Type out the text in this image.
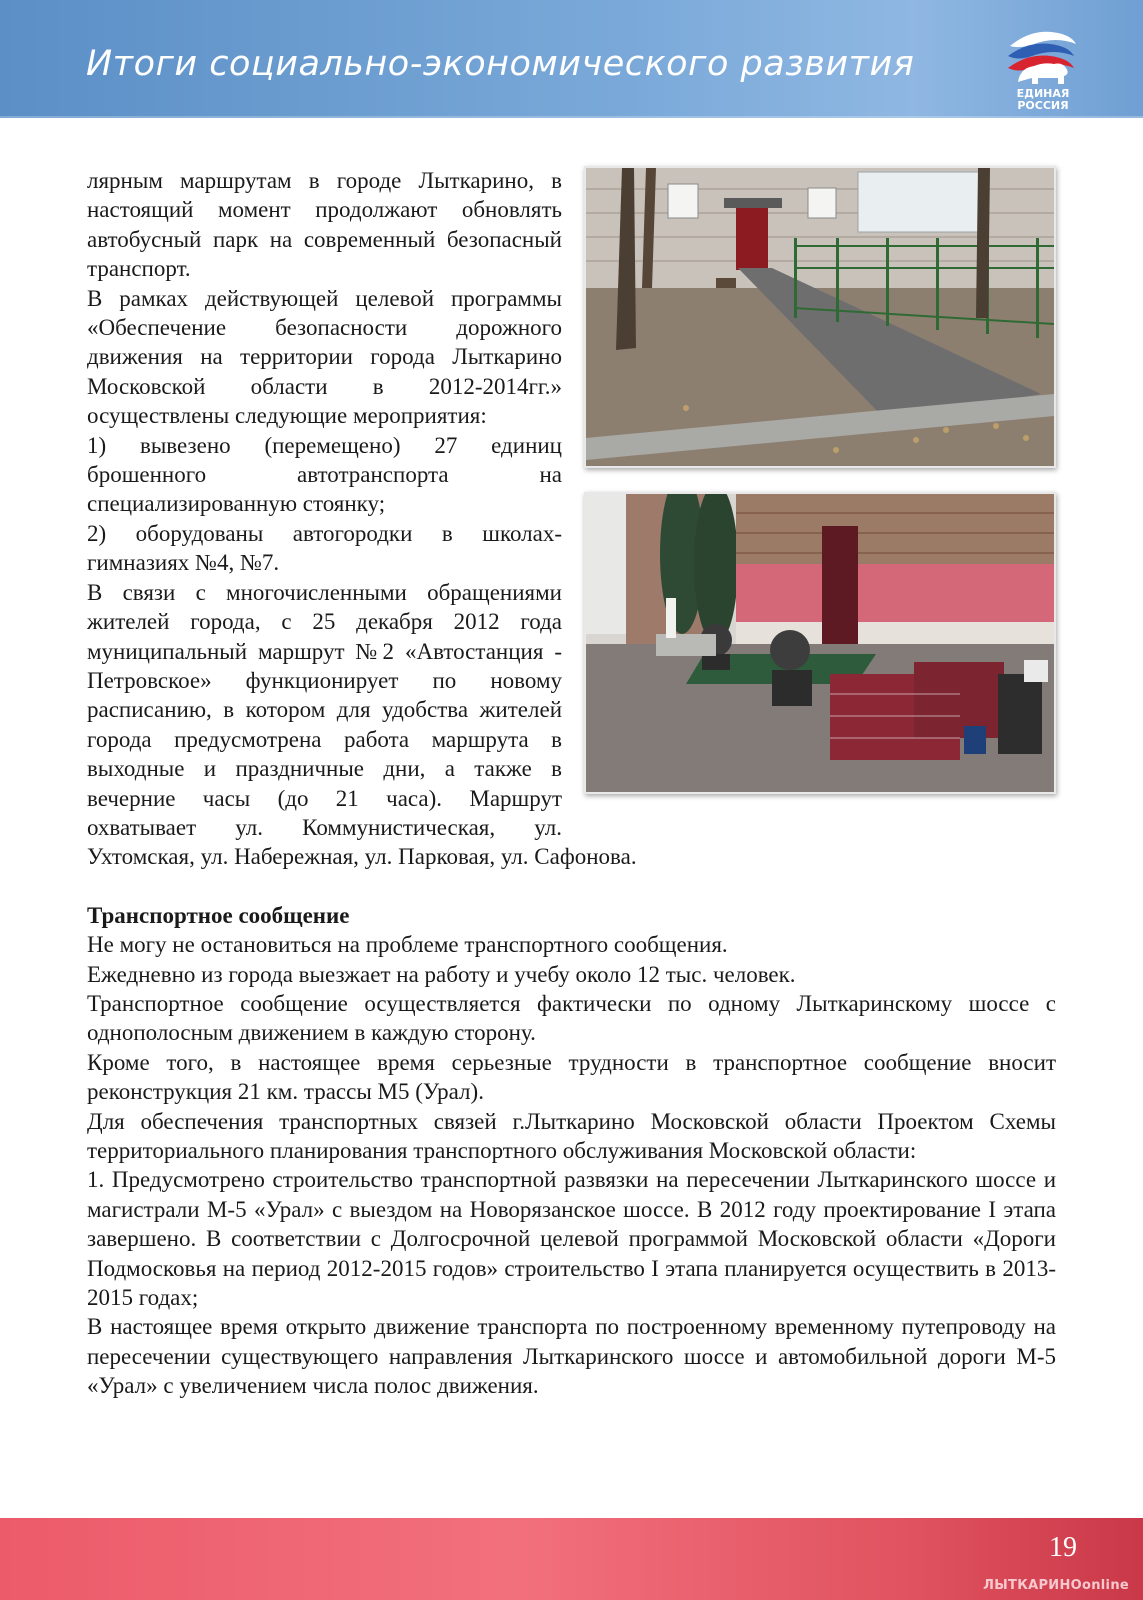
Итоги социально-экономического развития
ЕДИНАЯ
РОССИЯ

лярным маршрутам в городе Лыткарино, в настоящий момент продолжают обновлять автобусный парк на современный безопасный транспорт.

В рамках действующей целевой программы «Обеспечение безопасности дорожного движения на территории города Лыткарино Московской области в 2012-2014гг.» осуществлены следующие мероприятия:

1) вывезено (перемещено) 27 единиц брошенного автотранспорта на специализированную стоянку;

2) оборудованы автогородки в школах-гимназиях №4, №7.

В связи с многочисленными обращениями жителей города, с 25 декабря 2012 года муниципальный маршрут №2 «Автостанция - Петровское» функционирует по новому расписанию, в котором для удобства жителей города предусмотрена работа маршрута в выходные и праздничные дни, а также в вечерние часы (до 21 часа). Маршрут охватывает ул. Коммунистическая, ул. Ухтомская, ул. Набережная, ул. Парковая, ул. Сафонова.

Транспортное сообщение

Не могу не остановиться на проблеме транспортного сообщения.

Ежедневно из города выезжает на работу и учебу около 12 тыс. человек.

Транспортное сообщение осуществляется фактически по одному Лыткаринскому шоссе с однополосным движением в каждую сторону.

Кроме того, в настоящее время серьезные трудности в транспортное сообщение вносит реконструкция 21 км. трассы М5 (Урал).

Для обеспечения транспортных связей г.Лыткарино Московской области Проектом Схемы территориального планирования транспортного обслуживания Московской области:

1. Предусмотрено строительство транспортной развязки на пересечении Лыткаринского шоссе и магистрали М-5 «Урал» с выездом на Новорязанское шоссе. В 2012 году проектирование I этапа завершено. В соответствии с Долгосрочной целевой программой Московской области «Дороги Подмосковья на период 2012-2015 годов» строительство I этапа планируется осуществить в 2013-2015 годах;

В настоящее время открыто движение транспорта по построенному временному путепроводу на пересечении существующего направления Лыткаринского шоссе и автомобильной дороги М-5 «Урал» с увеличением числа полос движения.

19
ЛЫТКАРИНОonline
